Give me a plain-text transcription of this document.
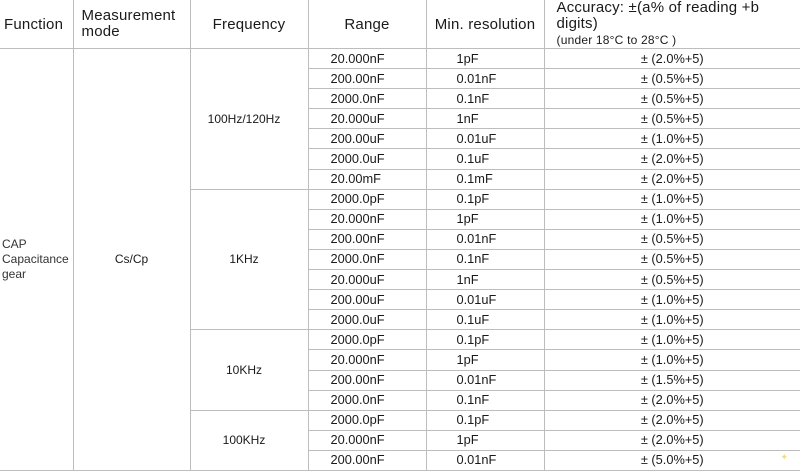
Function	Measurement mode	Frequency	Range	Min. resolution	Accuracy: ±(a% of reading +b digits)
(under 18°C to 28°C )

CAP Capacitance gear	Cs/Cp	100Hz/120Hz	20.000nF	1pF	± (2.0%+5)
			200.00nF	0.01nF	± (0.5%+5)
			2000.0nF	0.1nF	± (0.5%+5)
			20.000uF	1nF	± (0.5%+5)
			200.00uF	0.01uF	± (1.0%+5)
			2000.0uF	0.1uF	± (2.0%+5)
			20.00mF	0.1mF	± (2.0%+5)
		1KHz	2000.0pF	0.1pF	± (1.0%+5)
			20.000nF	1pF	± (1.0%+5)
			200.00nF	0.01nF	± (0.5%+5)
			2000.0nF	0.1nF	± (0.5%+5)
			20.000uF	1nF	± (0.5%+5)
			200.00uF	0.01uF	± (1.0%+5)
			2000.0uF	0.1uF	± (1.0%+5)
		10KHz	2000.0pF	0.1pF	± (1.0%+5)
			20.000nF	1pF	± (1.0%+5)
			200.00nF	0.01nF	± (1.5%+5)
			2000.0nF	0.1nF	± (2.0%+5)
		100KHz	2000.0pF	0.1pF	± (2.0%+5)
			20.000nF	1pF	± (2.0%+5)
			200.00nF	0.01nF	± (5.0%+5)	✦
